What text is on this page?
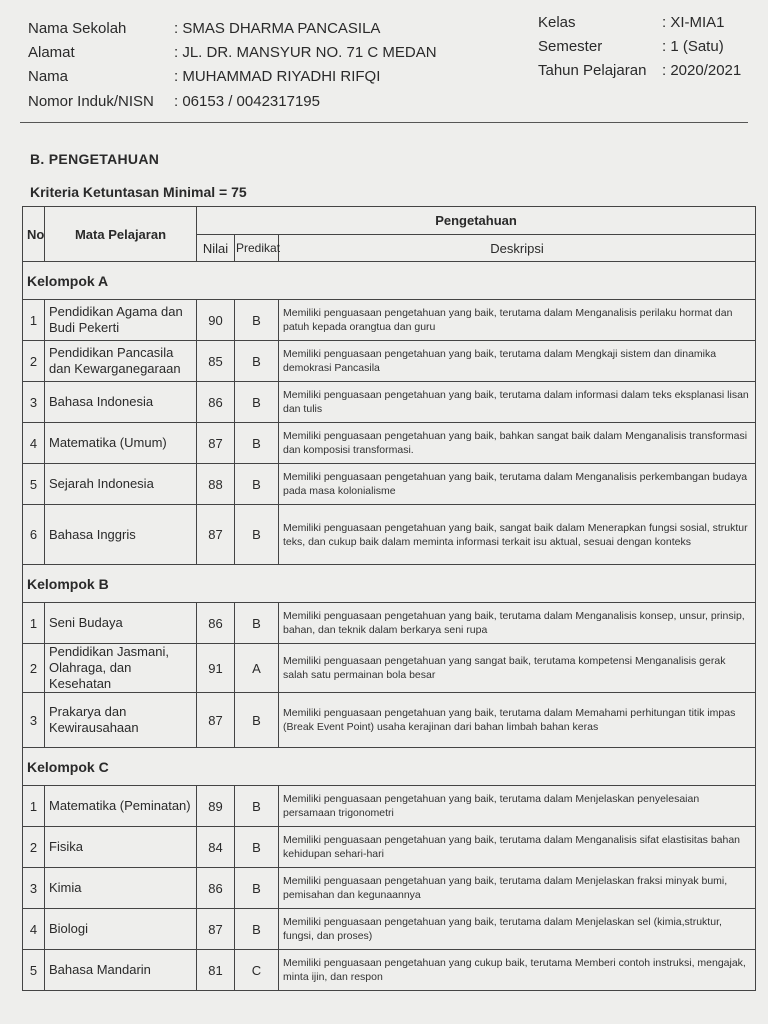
Nama Sekolah	: SMAS DHARMA PANCASILA
Alamat	: JL. DR. MANSYUR NO. 71 C MEDAN
Nama	: MUHAMMAD RIYADHI RIFQI
Nomor Induk/NISN : 06153 / 0042317195
Kelas	: XI-MIA1
Semester	: 1 (Satu)
Tahun Pelajaran : 2020/2021
B. PENGETAHUAN
Kriteria Ketuntasan Minimal = 75
No	Mata Pelajaran	Pengetahuan		
		Nilai	Predikat	Deskripsi
Kelompok A				
1	Pendidikan Agama dan Budi Pekerti	90	B	Memiliki penguasaan pengetahuan yang baik, terutama dalam Menganalisis perilaku hormat dan patuh kepada orangtua dan guru
2	Pendidikan Pancasila dan Kewarganegaraan	85	B	Memiliki penguasaan pengetahuan yang baik, terutama dalam Mengkaji sistem dan dinamika demokrasi Pancasila
3	Bahasa Indonesia	86	B	Memiliki penguasaan pengetahuan yang baik, terutama dalam informasi dalam teks eksplanasi lisan dan tulis
4	Matematika (Umum)	87	B	Memiliki penguasaan pengetahuan yang baik, bahkan sangat baik dalam Menganalisis transformasi dan komposisi transformasi.
5	Sejarah Indonesia	88	B	Memiliki penguasaan pengetahuan yang baik, terutama dalam Menganalisis perkembangan budaya pada masa kolonialisme
6	Bahasa Inggris	87	B	Memiliki penguasaan pengetahuan yang baik, sangat baik dalam Menerapkan fungsi sosial, struktur teks, dan cukup baik dalam meminta informasi terkait isu aktual, sesuai dengan konteks
Kelompok B				
1	Seni Budaya	86	B	Memiliki penguasaan pengetahuan yang baik, terutama dalam Menganalisis konsep, unsur, prinsip, bahan, dan teknik dalam berkarya seni rupa
2	Pendidikan Jasmani, Olahraga, dan Kesehatan	91	A	Memiliki penguasaan pengetahuan yang sangat baik, terutama kompetensi Menganalisis gerak salah satu permainan bola besar
3	Prakarya dan Kewirausahaan	87	B	Memiliki penguasaan pengetahuan yang baik, terutama dalam Memahami perhitungan titik impas (Break Event Point) usaha kerajinan dari bahan limbah bahan keras
Kelompok C				
1	Matematika (Peminatan)	89	B	Memiliki penguasaan pengetahuan yang baik, terutama dalam Menjelaskan penyelesaian persamaan trigonometri
2	Fisika	84	B	Memiliki penguasaan pengetahuan yang baik, terutama dalam Menganalisis sifat elastisitas bahan kehidupan sehari-hari
3	Kimia	86	B	Memiliki penguasaan pengetahuan yang baik, terutama dalam Menjelaskan fraksi minyak bumi, pemisahan dan kegunaannya
4	Biologi	87	B	Memiliki penguasaan pengetahuan yang baik, terutama dalam Menjelaskan sel (kimia,struktur, fungsi, dan proses)
5	Bahasa Mandarin	81	C	Memiliki penguasaan pengetahuan yang cukup baik, terutama Memberi contoh instruksi, mengajak, minta ijin, dan respon
